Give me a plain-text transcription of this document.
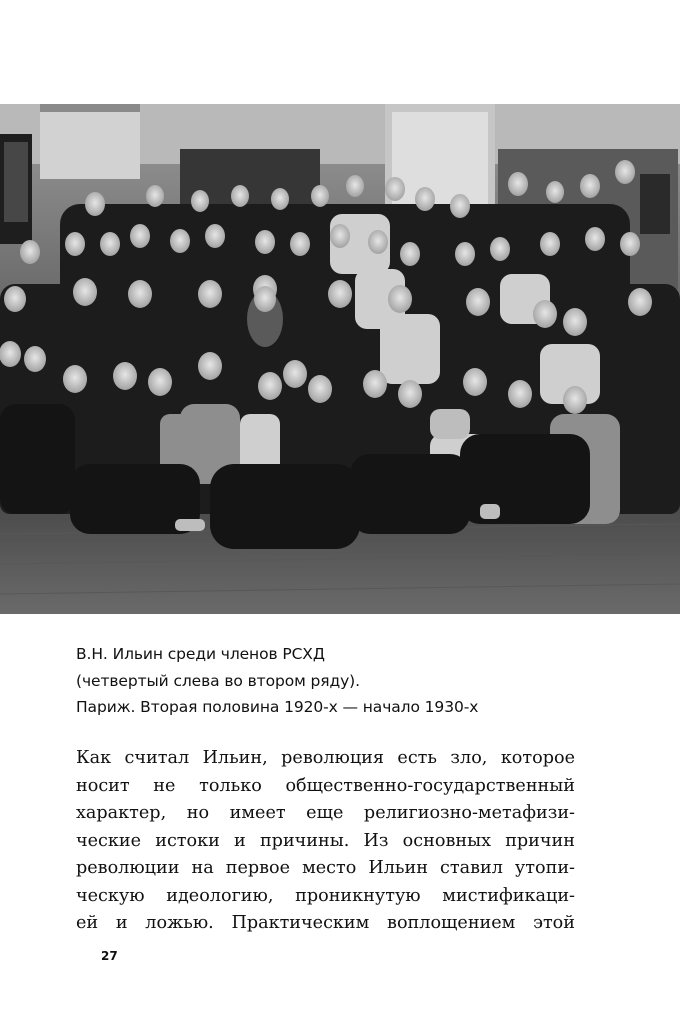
В.Н. Ильин среди членов РСХД
(четвертый слева во втором ряду).
Париж. Вторая половина 1920-х — начало 1930-х
Как считал Ильин, революция есть зло, которое
носит не только общественно-государственный
характер, но имеет еще религиозно-метафизи-
ческие истоки и причины. Из основных причин
революции на первое место Ильин ставил утопи-
ческую идеологию, проникнутую мистификаци-
ей и ложью. Практическим воплощением этой
27
